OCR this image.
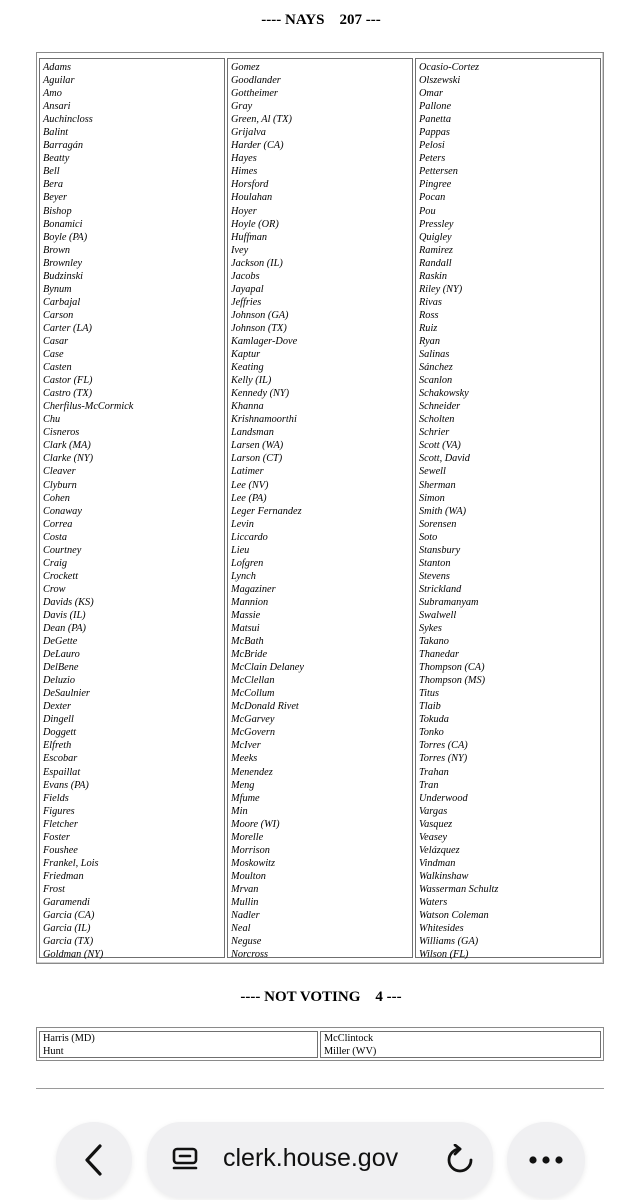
---- NAYS    207 ---
Adams
Aguilar
Amo
Ansari
Auchincloss
Balint
Barragán
Beatty
Bell
Bera
Beyer
Bishop
Bonamici
Boyle (PA)
Brown
Brownley
Budzinski
Bynum
Carbajal
Carson
Carter (LA)
Casar
Case
Casten
Castor (FL)
Castro (TX)
Cherfilus-McCormick
Chu
Cisneros
Clark (MA)
Clarke (NY)
Cleaver
Clyburn
Cohen
Conaway
Correa
Costa
Courtney
Craig
Crockett
Crow
Davids (KS)
Davis (IL)
Dean (PA)
DeGette
DeLauro
DelBene
Deluzio
DeSaulnier
Dexter
Dingell
Doggett
Elfreth
Escobar
Espaillat
Evans (PA)
Fields
Figures
Fletcher
Foster
Foushee
Frankel, Lois
Friedman
Frost
Garamendi
Garcia (CA)
Garcia (IL)
Garcia (TX)
Goldman (NY)
Gomez
Goodlander
Gottheimer
Gray
Green, Al (TX)
Grijalva
Harder (CA)
Hayes
Himes
Horsford
Houlahan
Hoyer
Hoyle (OR)
Huffman
Ivey
Jackson (IL)
Jacobs
Jayapal
Jeffries
Johnson (GA)
Johnson (TX)
Kamlager-Dove
Kaptur
Keating
Kelly (IL)
Kennedy (NY)
Khanna
Krishnamoorthi
Landsman
Larsen (WA)
Larson (CT)
Latimer
Lee (NV)
Lee (PA)
Leger Fernandez
Levin
Liccardo
Lieu
Lofgren
Lynch
Magaziner
Mannion
Massie
Matsui
McBath
McBride
McClain Delaney
McClellan
McCollum
McDonald Rivet
McGarvey
McGovern
McIver
Meeks
Menendez
Meng
Mfume
Min
Moore (WI)
Morelle
Morrison
Moskowitz
Moulton
Mrvan
Mullin
Nadler
Neal
Neguse
Norcross
Ocasio-Cortez
Olszewski
Omar
Pallone
Panetta
Pappas
Pelosi
Peters
Pettersen
Pingree
Pocan
Pou
Pressley
Quigley
Ramirez
Randall
Raskin
Riley (NY)
Rivas
Ross
Ruiz
Ryan
Salinas
Sánchez
Scanlon
Schakowsky
Schneider
Scholten
Schrier
Scott (VA)
Scott, David
Sewell
Sherman
Simon
Smith (WA)
Sorensen
Soto
Stansbury
Stanton
Stevens
Strickland
Subramanyam
Swalwell
Sykes
Takano
Thanedar
Thompson (CA)
Thompson (MS)
Titus
Tlaib
Tokuda
Tonko
Torres (CA)
Torres (NY)
Trahan
Tran
Underwood
Vargas
Vasquez
Veasey
Velázquez
Vindman
Walkinshaw
Wasserman Schultz
Waters
Watson Coleman
Whitesides
Williams (GA)
Wilson (FL)
---- NOT VOTING    4 ---
Harris (MD)
Hunt
McClintock
Miller (WV)
clerk.house.gov
